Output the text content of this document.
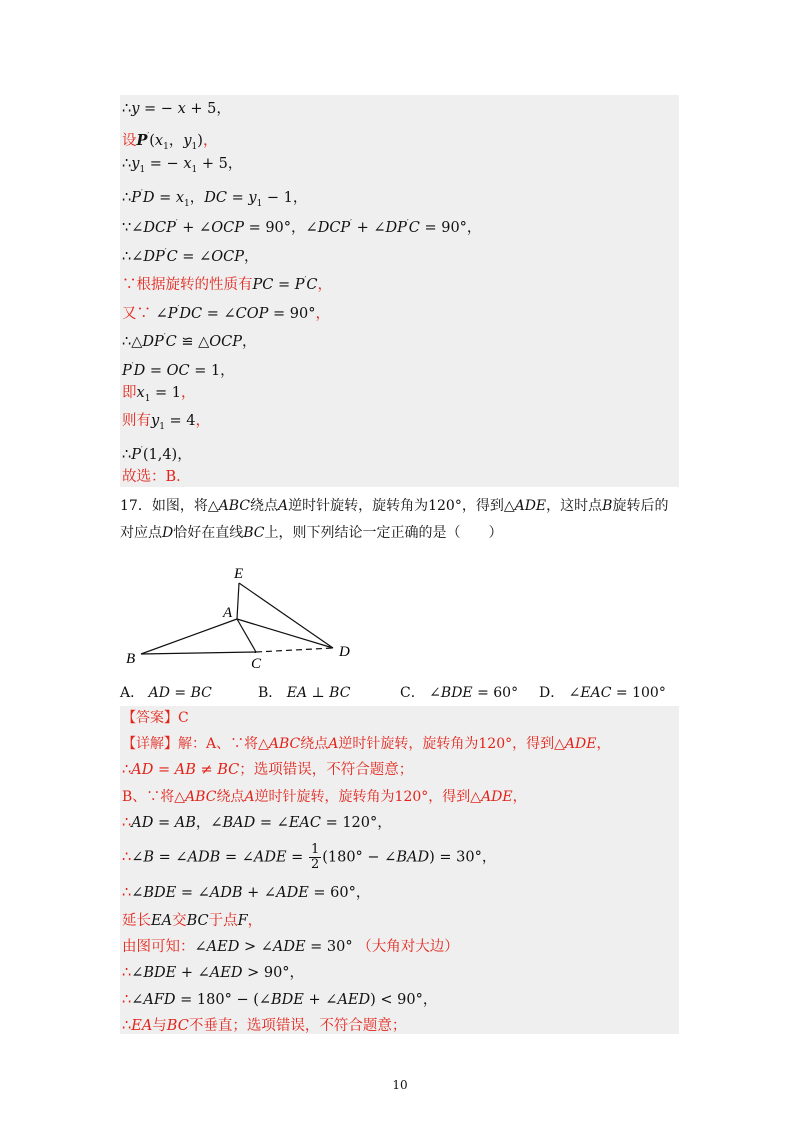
∴y = − x + 5，
设$P'(x_1$，$y_1$)，
$\therefore y_1$ = − $x_1 + 5$，
∴P′D = $x_1$，DC = $y_1 - 1$，
∵∠DCP′ + ∠OCP = 90°，∠DCP′ + ∠DP′C = 90°，
∴∠DP′C = ∠OCP，
∵根据旋转的性质有PC = P′C，
又∵ ∠P′DC = ∠COP = 90°，
∴△DP′C ≌ △OCP，
P′D = OC = 1，
即$x_1 = 1$，
则有$y_1 = 4$，
∴P′(1,4)，
故选：B．
17．如图，将△ABC绕点A逆时针旋转，旋转角为120°，得到△ADE，这时点B旋转后的
对应点D恰好在直线BC上，则下列结论一定正确的是（　　）
E
A
B	C
D
A． AD = BC	B． EA ⊥ BC	C． ∠BDE = 60° D． ∠EAC = 100°
【答案】C
【详解】解：A、∵将△ABC绕点A逆时针旋转，旋转角为120°，得到△ADE，
∴AD = AB ≠ BC；选项错误，不符合题意；
B、∵将△ABC绕点A逆时针旋转，旋转角为120°，得到△ADE，
∴AD = AB，∠BAD = ∠EAC = 120°，
∴∠B = ∠ADB = ∠ADE = $\frac{1}{2} (180^\circ$ − ∠BAD) = 30°，
∴∠BDE = ∠ADB + ∠ADE = 60°，
延长EA交BC于点F，
由图可知：∠AED > ∠ADE = 30° （大角对大边）
∴∠BDE + ∠AED > 90°，
∴∠AFD = 180° − (∠BDE + ∠AED) < 90°，
∴EA与BC不垂直；选项错误，不符合题意；
10
